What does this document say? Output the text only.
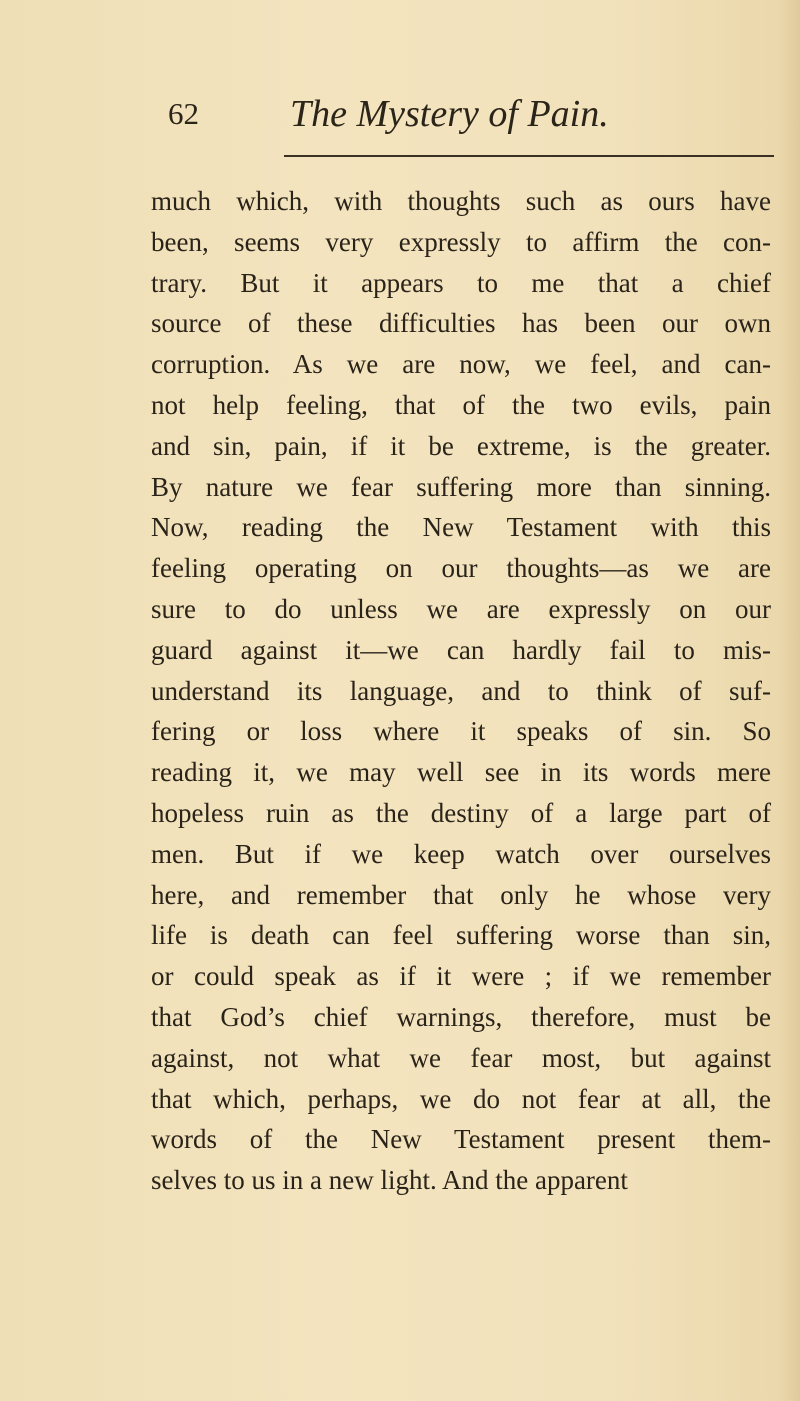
62 The Mystery of Pain.
much which, with thoughts such as ours have
been, seems very expressly to affirm the con-
trary. But it appears to me that a chief
source of these difficulties has been our own
corruption. As we are now, we feel, and can-
not help feeling, that of the two evils, pain
and sin, pain, if it be extreme, is the greater.
By nature we fear suffering more than sinning.
Now, reading the New Testament with this
feeling operating on our thoughts—as we are
sure to do unless we are expressly on our
guard against it—we can hardly fail to mis-
understand its language, and to think of suf-
fering or loss where it speaks of sin. So
reading it, we may well see in its words mere
hopeless ruin as the destiny of a large part of
men. But if we keep watch over ourselves
here, and remember that only he whose very
life is death can feel suffering worse than sin,
or could speak as if it were ; if we remember
that God’s chief warnings, therefore, must be
against, not what we fear most, but against
that which, perhaps, we do not fear at all, the
words of the New Testament present them-
selves to us in a new light. And the apparent
